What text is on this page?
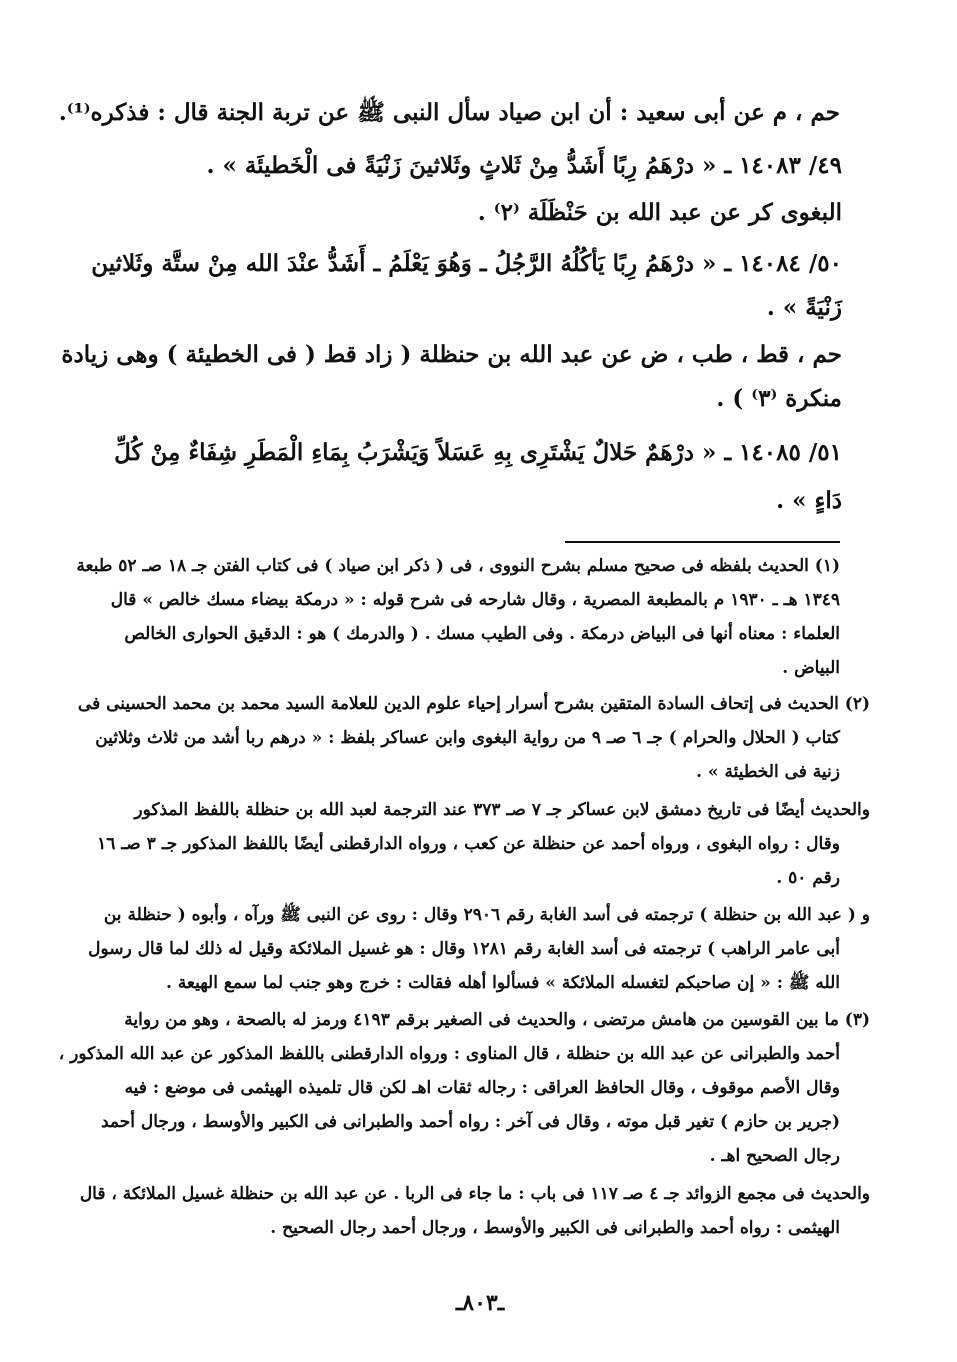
حم ، م عن أبى سعيد : أن ابن صياد سأل النبى ﷺ عن تربة الجنة قال : فذكره⁽¹⁾.
٤٩/ ١٤٠٨٣ ـ « درْهَمُ رِبًا أَشَدُّ مِنْ ثَلاثٍ وثَلاثينَ زَنْيَةً فى الْخَطيئَة » .
البغوى كر عن عبد الله بن حَنْظَلَة ⁽٢⁾ .
٥٠/ ١٤٠٨٤ ـ « درْهَمُ رِبًا يَأكُلُهُ الرَّجُلُ ـ وَهُوَ يَعْلَمُ ـ أَشَدُّ عنْدَ الله مِنْ ستَّة وثَلاثين
زَنْيَةً » .
حم ، قط ، طب ، ض عن عبد الله بن حنظلة ( زاد قط ( فى الخطيئة ) وهى زيادة
منكرة ⁽٣⁾ ) .
٥١/ ١٤٠٨٥ ـ « درْهَمٌ حَلالٌ يَشْتَرِى بِهِ عَسَلاً وَيَشْرَبُ بِمَاءِ الْمَطَرِ شِفَاءٌ مِنْ كُلِّ
دَاءٍ » .
(١) الحديث بلفظه فى صحيح مسلم بشرح النووى ، فى ( ذكر ابن صياد ) فى كتاب الفتن جـ ١٨ صـ ٥٢ طبعة
١٣٤٩ هـ ـ ١٩٣٠ م بالمطبعة المصرية ، وقال شارحه فى شرح قوله : « درمكة بيضاء مسك خالص » قال
العلماء : معناه أنها فى البياض درمكة . وفى الطيب مسك . ( والدرمك ) هو : الدقيق الحوارى الخالص
البياض .
(٢) الحديث فى إتحاف السادة المتقين بشرح أسرار إحياء علوم الدين للعلامة السيد محمد بن محمد الحسينى فى
كتاب ( الحلال والحرام ) جـ ٦ صـ ٩ من رواية البغوى وابن عساكر بلفظ : « درهم ربا أشد من ثلاث وثلاثين
زنية فى الخطيئة » .
والحديث أيضًا فى تاريخ دمشق لابن عساكر جـ ٧ صـ ٣٧٣ عند الترجمة لعبد الله بن حنظلة باللفظ المذكور
وقال : رواه البغوى ، ورواه أحمد عن حنظلة عن كعب ، ورواه الدارقطنى أيضًا باللفظ المذكور جـ ٣ صـ ١٦
رقم ٥٠ .
و ( عبد الله بن حنظلة ) ترجمته فى أسد الغابة رقم ٢٩٠٦ وقال : روى عن النبى ﷺ ورآه ، وأبوه ( حنظلة بن
أبى عامر الراهب ) ترجمته فى أسد الغابة رقم ١٢٨١ وقال : هو غسيل الملائكة وقيل له ذلك لما قال رسول
الله ﷺ : « إن صاحبكم لتغسله الملائكة » فسألوا أهله فقالت : خرج وهو جنب لما سمع الهيعة .
(٣) ما بين القوسين من هامش مرتضى ، والحديث فى الصغير برقم ٤١٩٣ ورمز له بالصحة ، وهو من رواية
أحمد والطبرانى عن عبد الله بن حنظلة ، قال المناوى : ورواه الدارقطنى باللفظ المذكور عن عبد الله المذكور ،
وقال الأصم موقوف ، وقال الحافظ العراقى : رجاله ثقات اهـ لكن قال تلميذه الهيثمى فى موضع : فيه
(جرير بن حازم ) تغير قبل موته ، وقال فى آخر : رواه أحمد والطبرانى فى الكبير والأوسط ، ورجال أحمد
رجال الصحيح اهـ .
والحديث فى مجمع الزوائد جـ ٤ صـ ١١٧ فى باب : ما جاء فى الربا . عن عبد الله بن حنظلة غسيل الملائكة ، قال
الهيثمى : رواه أحمد والطبرانى فى الكبير والأوسط ، ورجال أحمد رجال الصحيح .
ـ٨٠٣ـ
